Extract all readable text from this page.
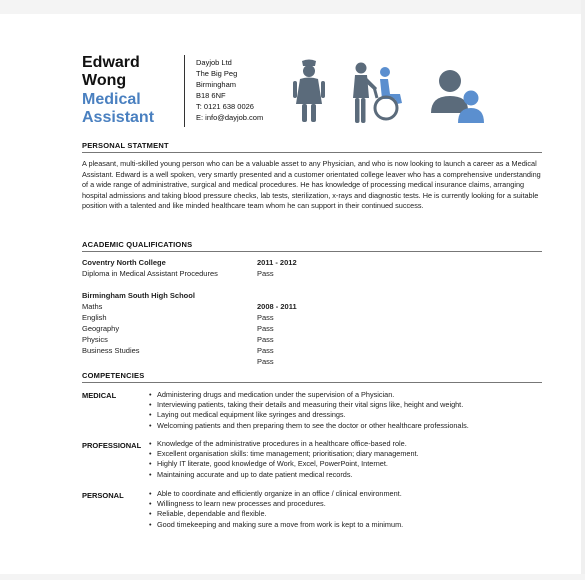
Edward
Wong
Medical
Assistant
Dayjob Ltd
The Big Peg
Birmingham
B18 6NF
T: 0121 638 0026
E: info@dayjob.com
PERSONAL STATMENT
A pleasant, multi-skilled young person who can be a valuable asset to any Physician, and who is now looking to launch a career as a Medical Assistant. Edward is a well spoken, very smartly presented and a customer orientated college leaver who has a comprehensive understanding of a wide range of administrative, surgical and medical procedures. He has knowledge of processing medical insurance claims, arranging hospital admissions and taking blood pressure checks, lab tests, sterilization, x-rays and diagnostic tests. He is currently looking for a suitable position with a talented and like minded healthcare team whom he can support in their continued success.
ACADEMIC QUALIFICATIONS
Coventry North College	2011 - 2012
Diploma in Medical Assistant Procedures	Pass
Birmingham South High School
Maths	2008 - 2011
English	Pass
Geography	Pass
Physics	Pass
Business Studies	Pass
Pass
COMPETENCIES
MEDICAL	• Administering drugs and medication under the supervision of a Physician.
• Interviewing patients, taking their details and measuring their vital signs like, height and weight.
• Laying out medical equipment like syringes and dressings.
• Welcoming patients and then preparing them to see the doctor or other healthcare professionals.
PROFESSIONAL • Knowledge of the administrative procedures in a healthcare office-based role.
• Excellent organisation skills: time management; prioritisation; diary management.
• Highly IT literate, good knowledge of Work, Excel, PowerPoint, Internet.
• Maintaining accurate and up to date patient medical records.
PERSONAL	• Able to coordinate and efficiently organize in an office / clinical environment.
• Willingness to learn new processes and procedures.
• Reliable, dependable and flexible.
• Good timekeeping and making sure a move from work is kept to a minimum.
